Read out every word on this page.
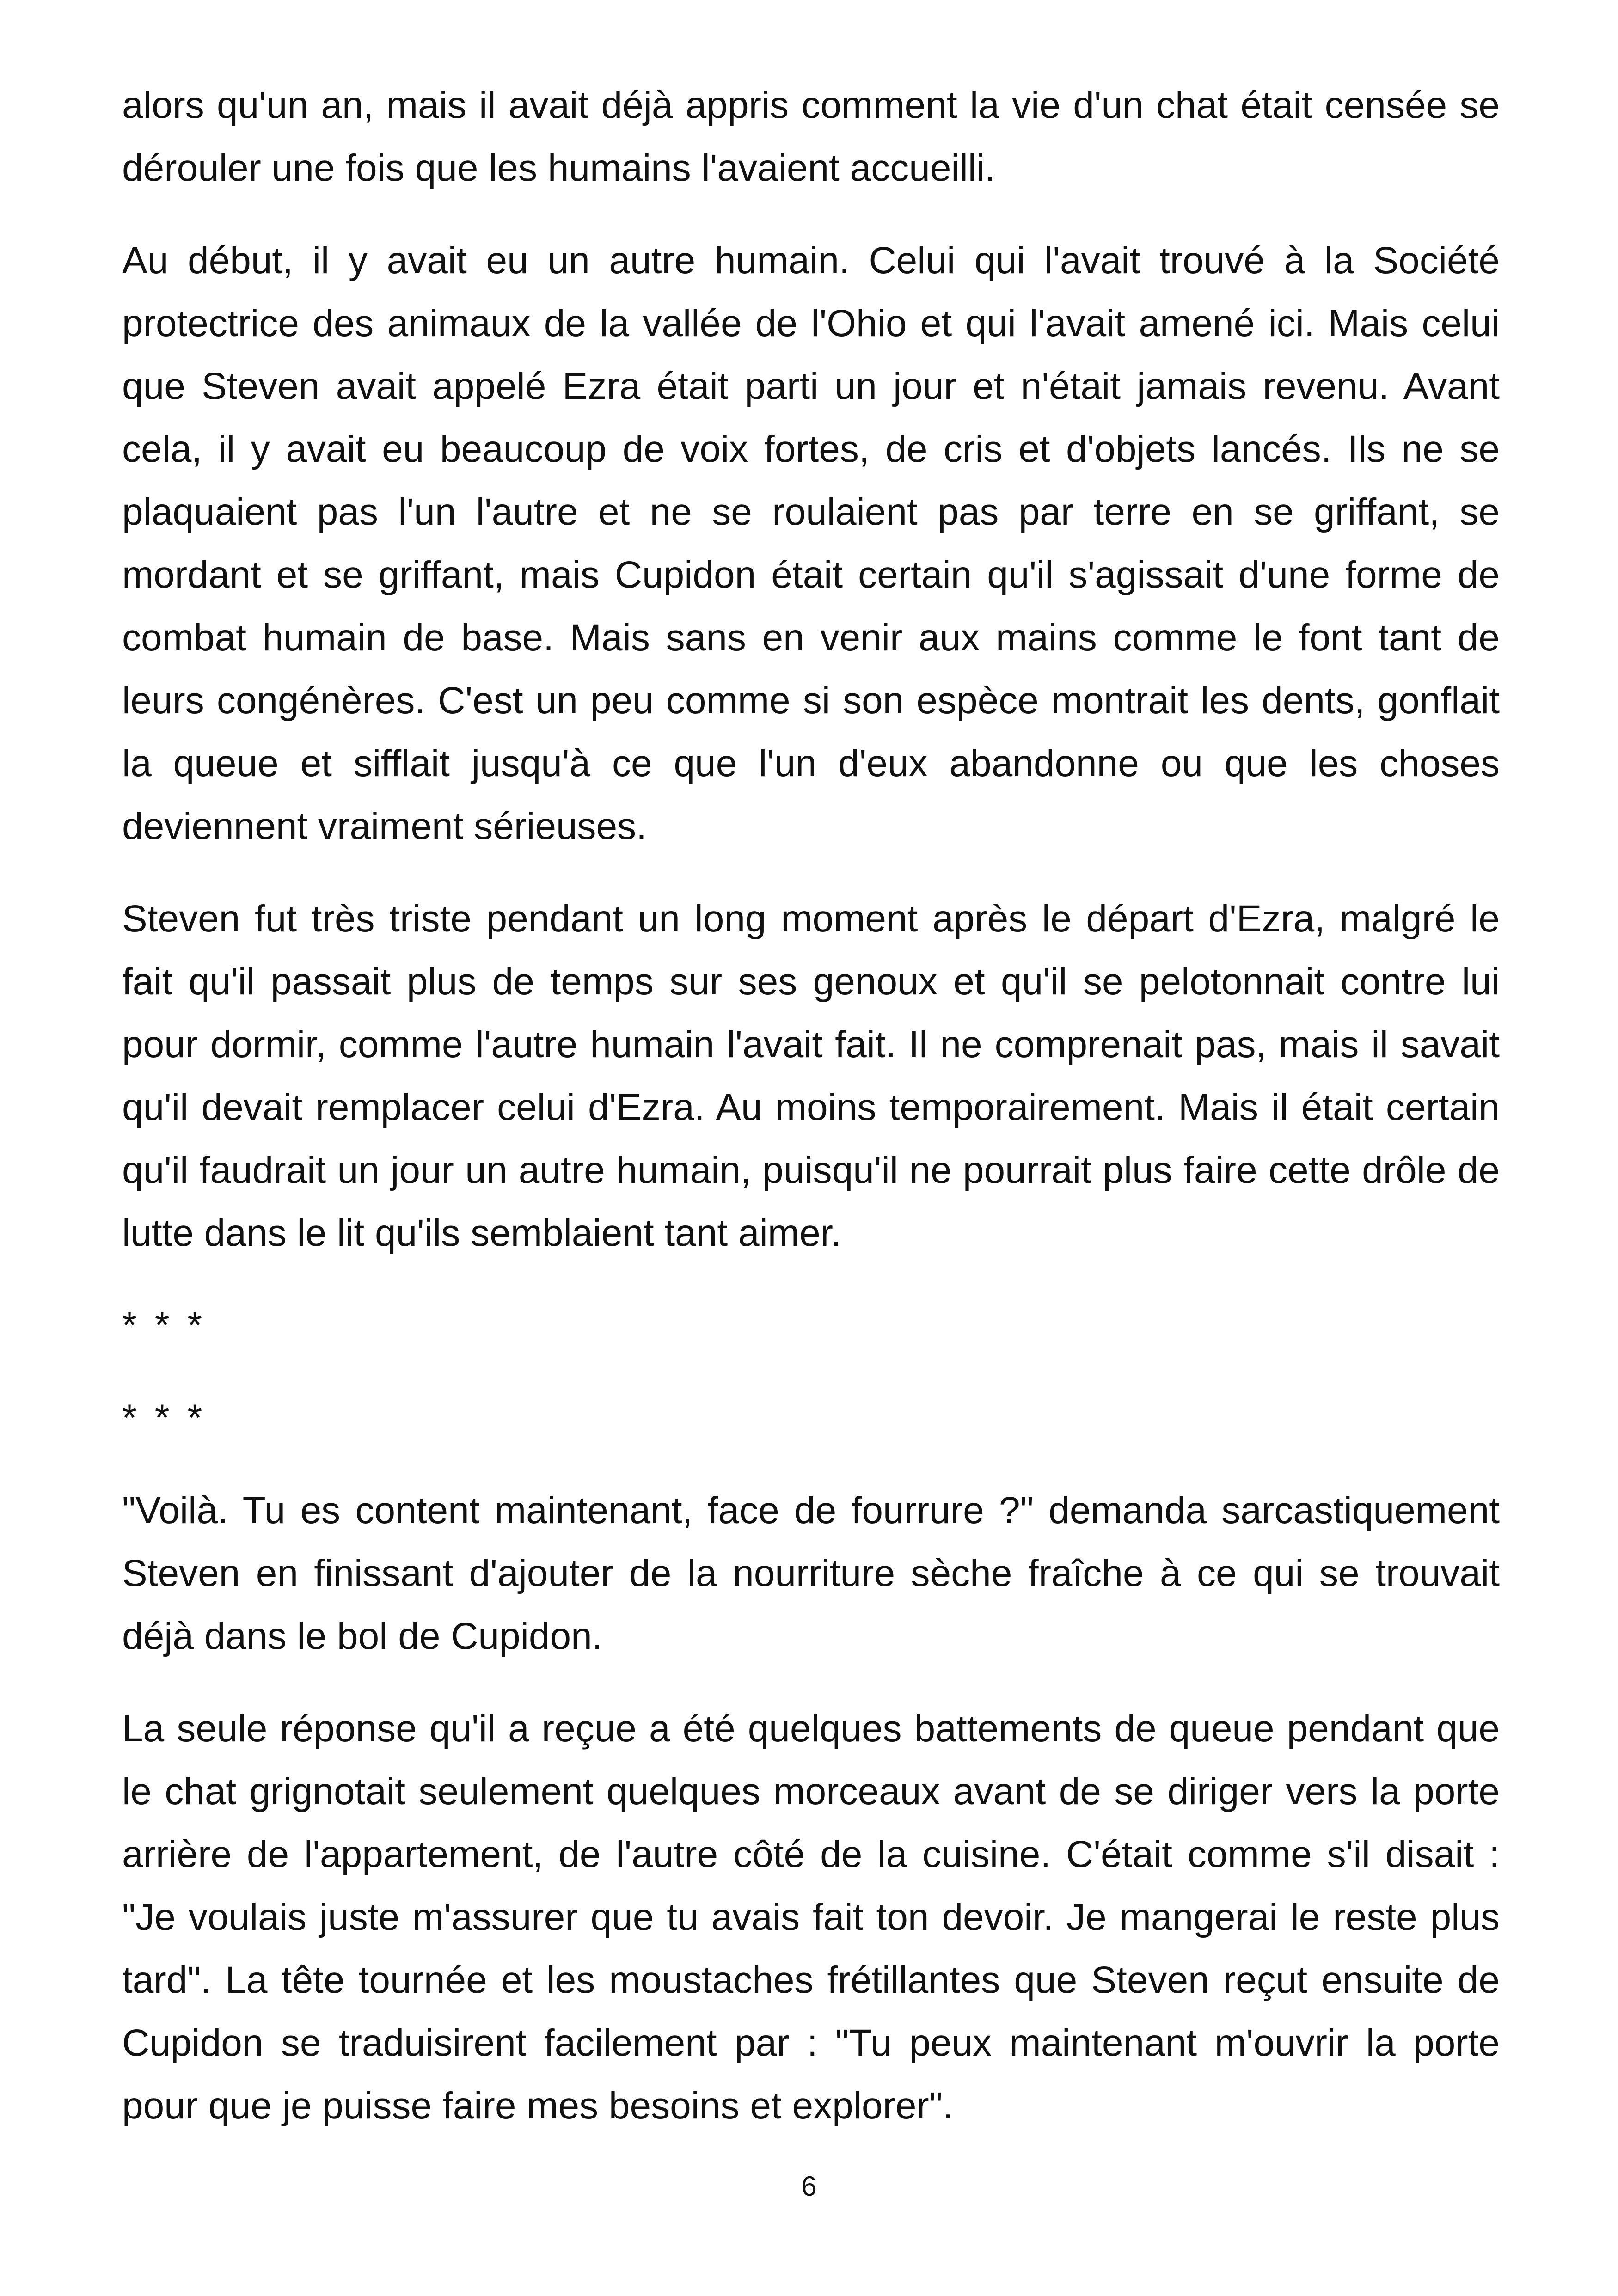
alors qu'un an, mais il avait déjà appris comment la vie d'un chat était censée se dérouler une fois que les humains l'avaient accueilli.

Au début, il y avait eu un autre humain. Celui qui l'avait trouvé à la Société protectrice des animaux de la vallée de l'Ohio et qui l'avait amené ici. Mais celui que Steven avait appelé Ezra était parti un jour et n'était jamais revenu. Avant cela, il y avait eu beaucoup de voix fortes, de cris et d'objets lancés. Ils ne se plaquaient pas l'un l'autre et ne se roulaient pas par terre en se griffant, se mordant et se griffant, mais Cupidon était certain qu'il s'agissait d'une forme de combat humain de base. Mais sans en venir aux mains comme le font tant de leurs congénères. C'est un peu comme si son espèce montrait les dents, gonflait la queue et sifflait jusqu'à ce que l'un d'eux abandonne ou que les choses deviennent vraiment sérieuses.

Steven fut très triste pendant un long moment après le départ d'Ezra, malgré le fait qu'il passait plus de temps sur ses genoux et qu'il se pelotonnait contre lui pour dormir, comme l'autre humain l'avait fait. Il ne comprenait pas, mais il savait qu'il devait remplacer celui d'Ezra. Au moins temporairement. Mais il était certain qu'il faudrait un jour un autre humain, puisqu'il ne pourrait plus faire cette drôle de lutte dans le lit qu'ils semblaient tant aimer.

* * *

* * *

"Voilà. Tu es content maintenant, face de fourrure ?" demanda sarcastiquement Steven en finissant d'ajouter de la nourriture sèche fraîche à ce qui se trouvait déjà dans le bol de Cupidon.

La seule réponse qu'il a reçue a été quelques battements de queue pendant que le chat grignotait seulement quelques morceaux avant de se diriger vers la porte arrière de l'appartement, de l'autre côté de la cuisine. C'était comme s'il disait : "Je voulais juste m'assurer que tu avais fait ton devoir. Je mangerai le reste plus tard". La tête tournée et les moustaches frétillantes que Steven reçut ensuite de Cupidon se traduisirent facilement par : "Tu peux maintenant m'ouvrir la porte pour que je puisse faire mes besoins et explorer".

6
